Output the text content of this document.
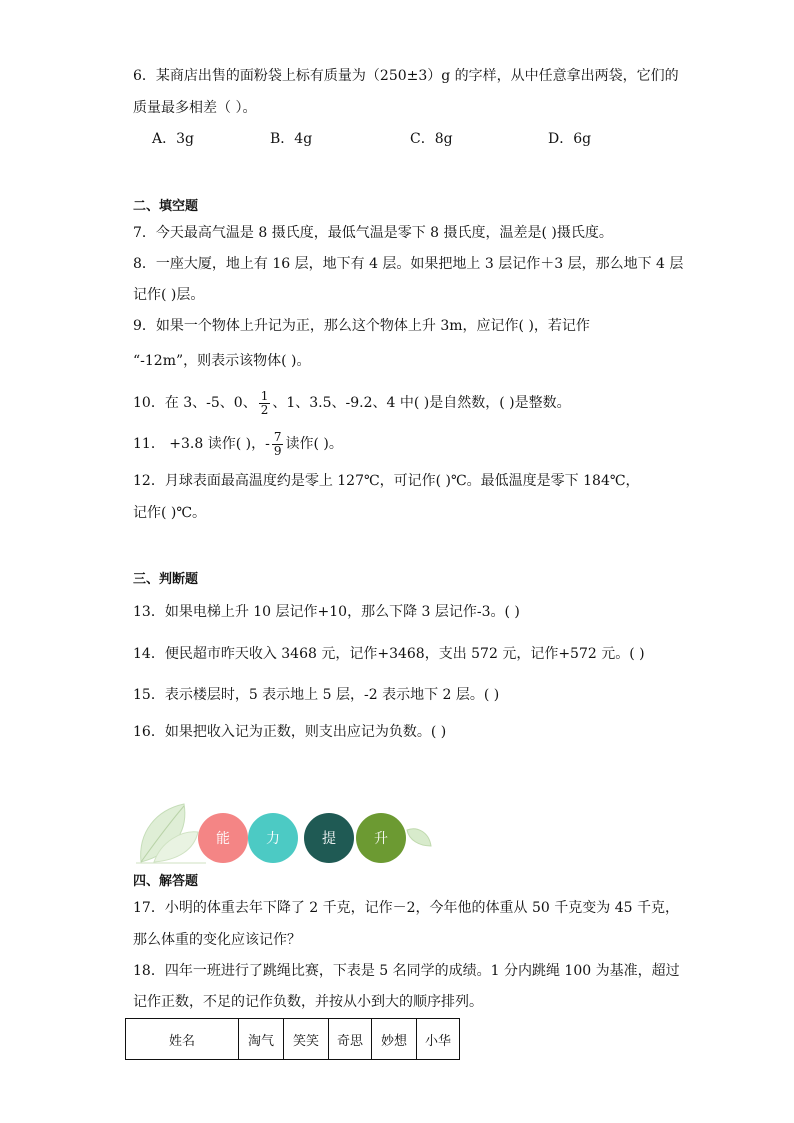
6．某商店出售的面粉袋上标有质量为（250±3）g 的字样，从中任意拿出两袋，它们的
质量最多相差（ ）。
A．3g	B．4g	C．8g	D．6g
二、填空题
7．今天最高气温是 8 摄氏度，最低气温是零下 8 摄氏度，温差是( )摄氏度。
8．一座大厦，地上有 16 层，地下有 4 层。如果把地上 3 层记作＋3 层，那么地下 4 层
记作( )层。
9．如果一个物体上升记为正，那么这个物体上升 3m，应记作( )，若记作
“-12m”，则表示该物体( )。
10．在 3、-5、0、 $\frac{1}{2}$ 、1、3.5、-9.2、4 中( )是自然数，( )是整数。
11． +3.8 读作( )，- $\frac{7}{9}$ 读作( )。
12．月球表面最高温度约是零上 127℃，可记作( )℃。最低温度是零下 184℃，
记作( )℃。
三、判断题
13．如果电梯上升 10 层记作+10，那么下降 3 层记作-3。( )
14．便民超市昨天收入 3468 元，记作+3468，支出 572 元，记作+572 元。( )
15．表示楼层时，5 表示地上 5 层，-2 表示地下 2 层。( )
16．如果把收入记为正数，则支出应记为负数。( )
能	力	提	升
四、解答题
17．小明的体重去年下降了 2 千克，记作－2，今年他的体重从 50 千克变为 45 千克，
那么体重的变化应该记作？
18．四年一班进行了跳绳比赛，下表是 5 名同学的成绩。1 分内跳绳 100 为基准，超过
记作正数，不足的记作负数，并按从小到大的顺序排列。
姓名	淘气	笑笑	奇思	妙想	小华
